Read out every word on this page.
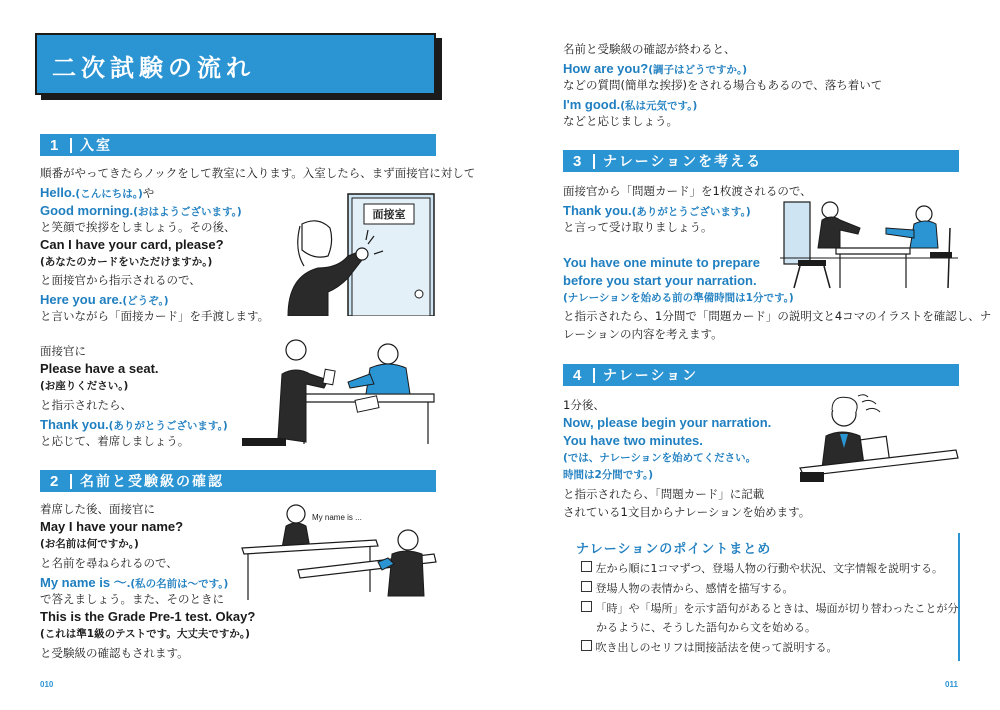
二次試験の流れ
1	入室
順番がやってきたらノックをして教室に入ります。入室したら、まず面接官に対して
Hello.(こんにちは。)や
Good morning.(おはようございます。)
と笑顔で挨拶をしましょう。その後、
Can I have your card, please?
(あなたのカードをいただけますか。)
と面接官から指示されるので、
Here you are.(どうぞ。)
と言いながら「面接カード」を手渡します。
面接室
面接官に
Please have a seat.
(お座りください。)
と指示されたら、
Thank you.(ありがとうございます。)
と応じて、着席しましょう。
2	名前と受験級の確認
着席した後、面接官に
May I have your name?
(お名前は何ですか。)
と名前を尋ねられるので、
My name is 〜.(私の名前は〜です。)
で答えましょう。また、そのときに
This is the Grade Pre-1 test. Okay?
(これは準1級のテストです。大丈夫ですか。)
と受験級の確認もされます。
My name is ...
010
名前と受験級の確認が終わると、
How are you?(調子はどうですか。)
などの質問(簡単な挨拶)をされる場合もあるので、落ち着いて
I'm good.(私は元気です。)
などと応じましょう。
3	ナレーションを考える
面接官から「問題カード」を1枚渡されるので、
Thank you.(ありがとうございます。)
と言って受け取りましょう。
You have one minute to prepare
before you start your narration.
(ナレーションを始める前の準備時間は1分です。)
と指示されたら、1分間で「問題カード」の説明文と4コマのイラストを確認し、ナ
レーションの内容を考えます。
4	ナレーション
1分後、
Now, please begin your narration.
You have two minutes.
(では、ナレーションを始めてください。
時間は2分間です。)
と指示されたら、「問題カード」に記載
されている1文目からナレーションを始めます。
ナレーションのポイントまとめ
左から順に1コマずつ、登場人物の行動や状況、文字情報を説明する。
登場人物の表情から、感情を描写する。
「時」や「場所」を示す語句があるときは、場面が切り替わったことが分
かるように、そうした語句から文を始める。
吹き出しのセリフは間接話法を使って説明する。
011
